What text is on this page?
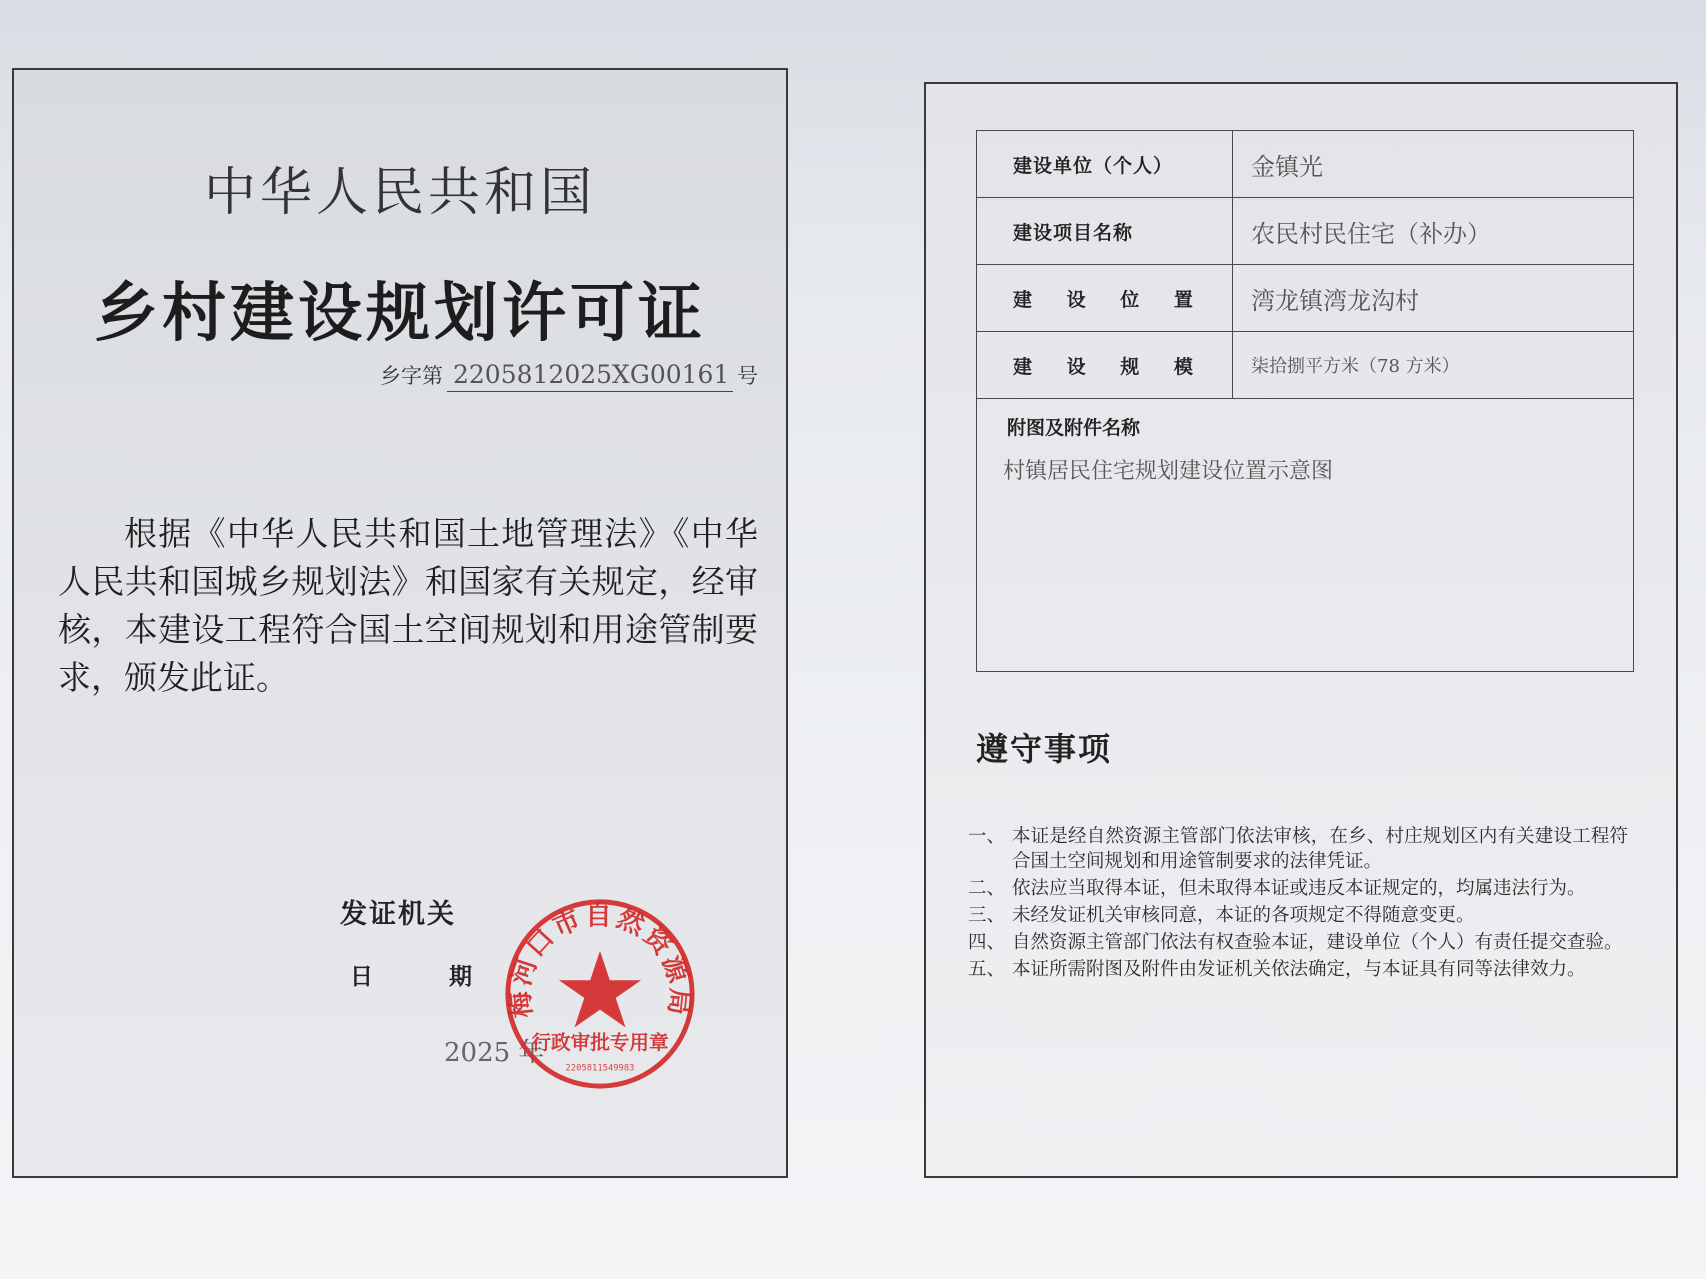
中华人民共和国
乡村建设规划许可证
乡字第 2205812025XG00161 号
根据《中华人民共和国土地管理法》《中华人民共和国城乡规划法》和国家有关规定，经审核，本建设工程符合国土空间规划和用途管制要求，颁发此证。
发证机关
日 期
2025 年
梅河口市自然资源局
行政审批专用章
2205811549983
建设单位（个人）	金镇光
建设项目名称	农民村民住宅（补办）
建 设 位 置	湾龙镇湾龙沟村
建 设 规 模	柒拾捌平方米（78 方米）

附图及附件名称
村镇居民住宅规划建设位置示意图	
遵守事项
一、 本证是经自然资源主管部门依法审核，在乡、村庄规划区内有关建设工程符合国土空间规划和用途管制要求的法律凭证。
二、 依法应当取得本证，但未取得本证或违反本证规定的，均属违法行为。
三、 未经发证机关审核同意，本证的各项规定不得随意变更。
四、 自然资源主管部门依法有权查验本证，建设单位（个人）有责任提交查验。
五、 本证所需附图及附件由发证机关依法确定，与本证具有同等法律效力。
